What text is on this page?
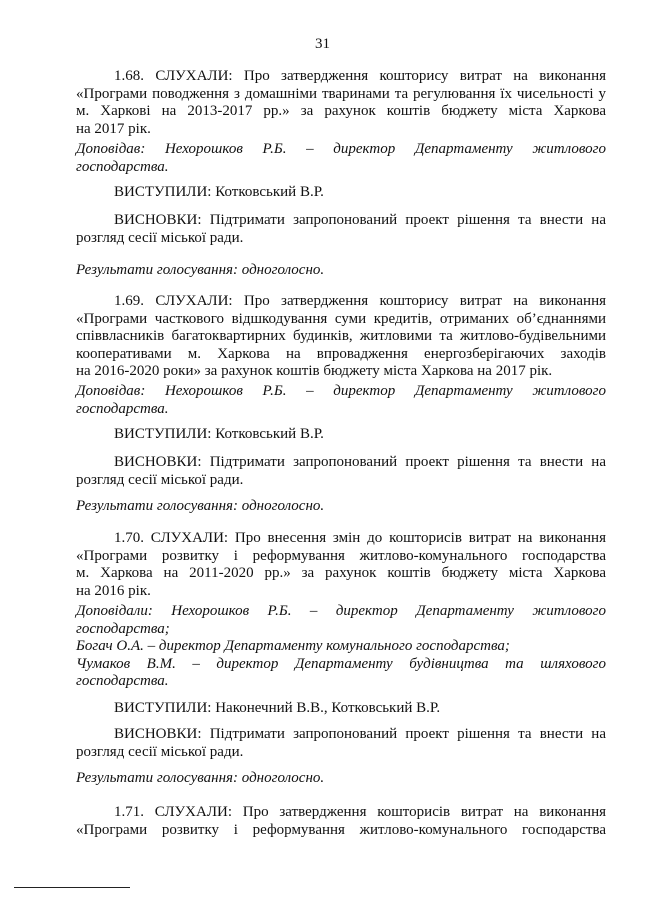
31
1.68. СЛУХАЛИ: Про затвердження кошторису витрат на виконання
«Програми поводження з домашніми тваринами та регулювання їх чисельності у
м. Харкові на 2013-2017 рр.» за рахунок коштів бюджету міста Харкова
на 2017 рік.
Доповідав: Нехорошков Р.Б. – директор Департаменту житлового
господарства.
ВИСТУПИЛИ: Котковський В.Р.
ВИСНОВКИ: Підтримати запропонований проект рішення та внести на
розгляд сесії міської ради.
Результати голосування: одноголосно.
1.69. СЛУХАЛИ: Про затвердження кошторису витрат на виконання
«Програми часткового відшкодування суми кредитів, отриманих об’єднаннями
співвласників багатоквартирних будинків, житловими та житлово-будівельними
кооперативами м. Харкова на впровадження енергозберігаючих заходів
на 2016-2020 роки» за рахунок коштів бюджету міста Харкова на 2017 рік.
Доповідав: Нехорошков Р.Б. – директор Департаменту житлового
господарства.
ВИСТУПИЛИ: Котковський В.Р.
ВИСНОВКИ: Підтримати запропонований проект рішення та внести на
розгляд сесії міської ради.
Результати голосування: одноголосно.
1.70. СЛУХАЛИ: Про внесення змін до кошторисів витрат на виконання
«Програми розвитку і реформування житлово-комунального господарства
м. Харкова на 2011-2020 рр.» за рахунок коштів бюджету міста Харкова
на 2016 рік.
Доповідали: Нехорошков Р.Б. – директор Департаменту житлового
господарства;
Богач О.А. – директор Департаменту комунального господарства;
Чумаков В.М. – директор Департаменту будівництва та шляхового
господарства.
ВИСТУПИЛИ: Наконечний В.В., Котковський В.Р.
ВИСНОВКИ: Підтримати запропонований проект рішення та внести на
розгляд сесії міської ради.
Результати голосування: одноголосно.
1.71. СЛУХАЛИ: Про затвердження кошторисів витрат на виконання
«Програми розвитку і реформування житлово-комунального господарства
